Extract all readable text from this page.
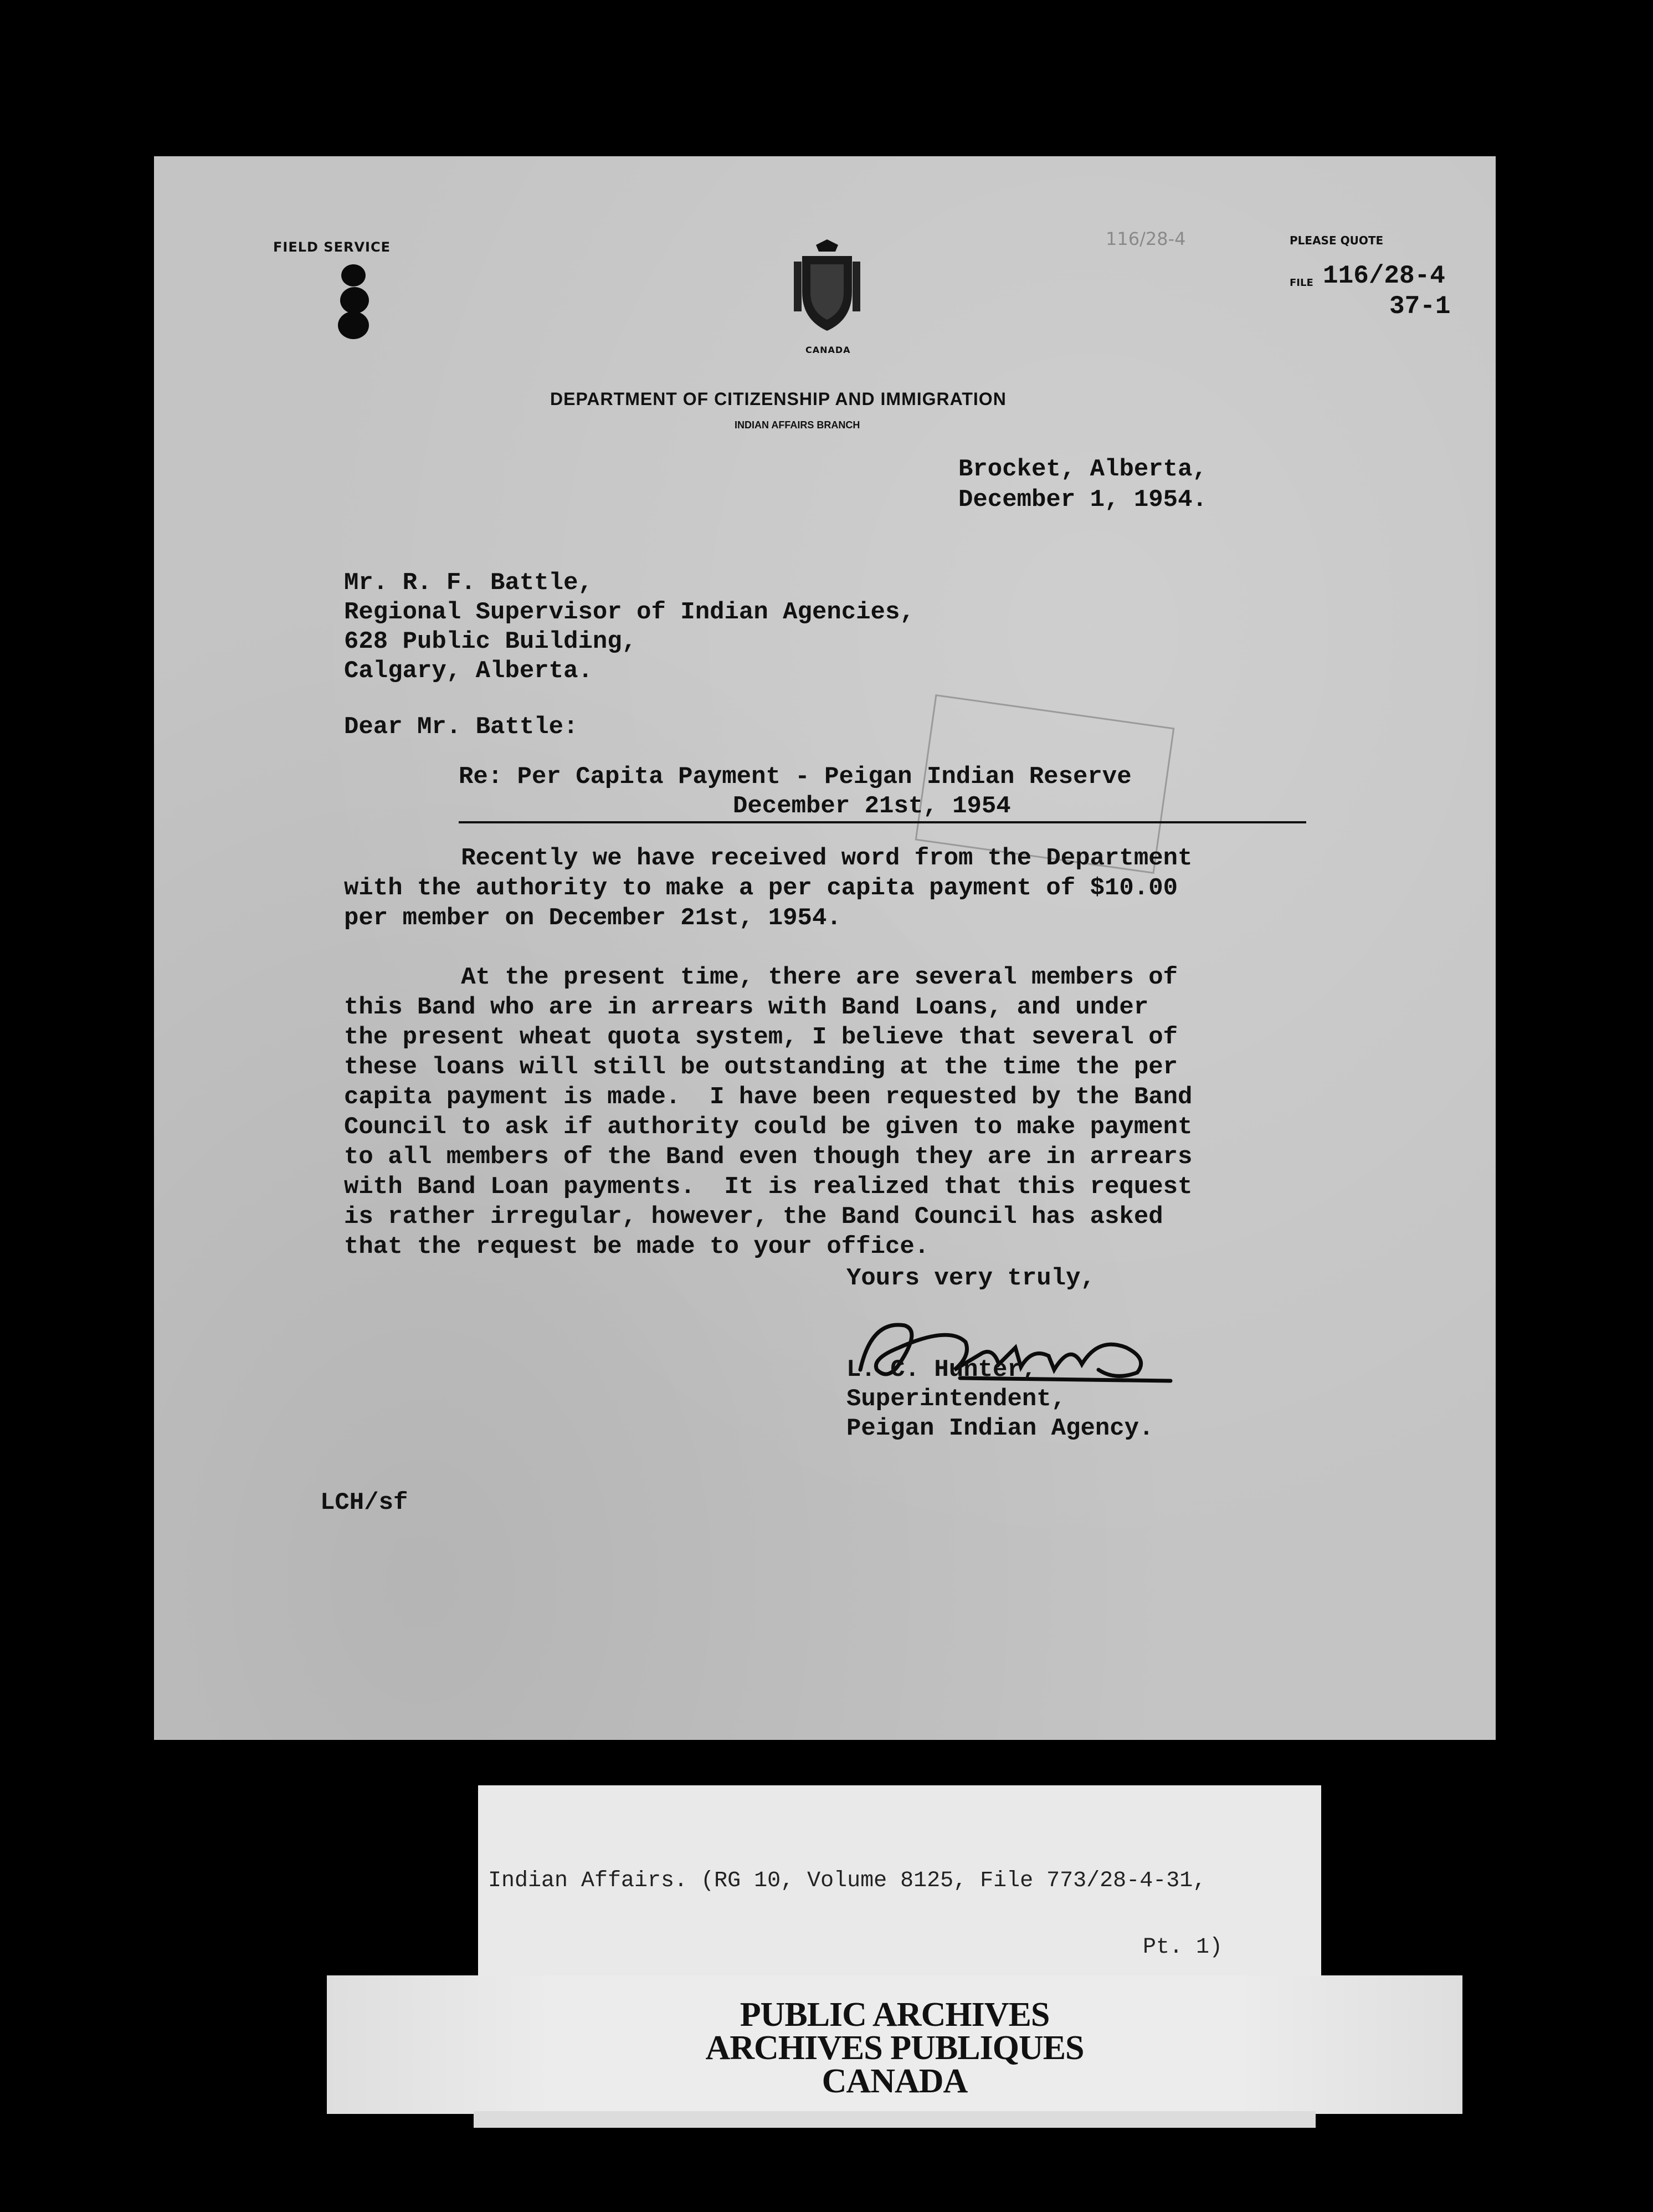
FIELD SERVICE	116/28-4
CANADA
DEPARTMENT OF CITIZENSHIP AND IMMIGRATION
INDIAN AFFAIRS BRANCH
PLEASE QUOTE
FILE 116/28-4
37-1
Brocket, Alberta,
December 1, 1954.
Mr. R. F. Battle,
Regional Supervisor of Indian Agencies,
628 Public Building,
Calgary, Alberta.
Dear Mr. Battle:
Re: Per Capita Payment - Peigan Indian Reserve
December 21st, 1954
Recently we have received word from the Department
with the authority to make a per capita payment of $10.00
per member on December 21st, 1954.
At the present time, there are several members of
this Band who are in arrears with Band Loans, and under
the present wheat quota system, I believe that several of
these loans will still be outstanding at the time the per
capita payment is made.  I have been requested by the Band
Council to ask if authority could be given to make payment
to all members of the Band even though they are in arrears
with Band Loan payments.  It is realized that this request
is rather irregular, however, the Band Council has asked
that the request be made to your office.
Yours very truly,
L. C. Hunter,
Superintendent,
Peigan Indian Agency.
LCH/sf
Indian Affairs. (RG 10, Volume 8125, File 773/28-4-31,
Pt. 1)
PUBLIC ARCHIVES
ARCHIVES PUBLIQUES
CANADA
